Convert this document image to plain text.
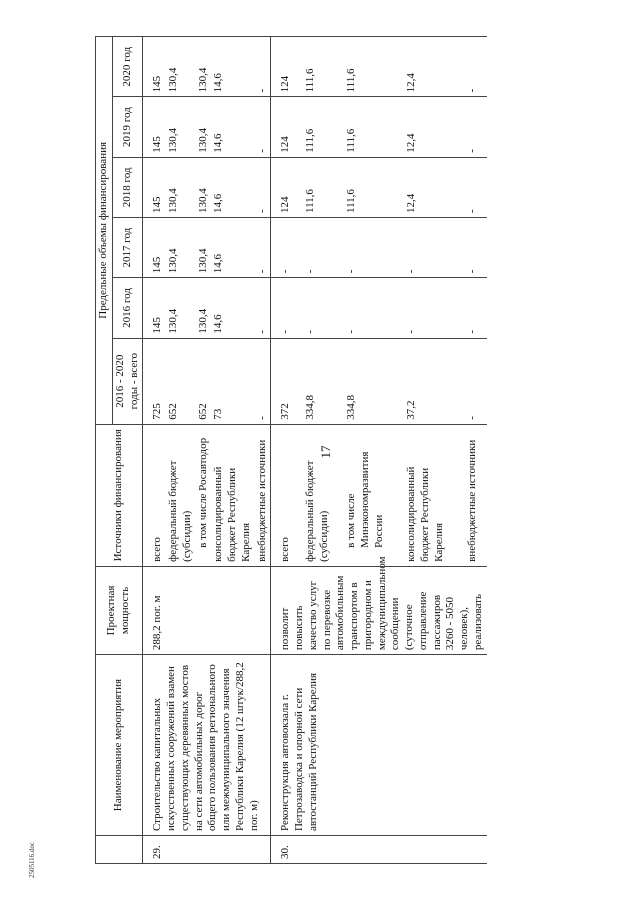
17
2505116.doc
	Наименование мероприятия	Проектная мощность	Источники финансирования	Предельные объемы финансирования					
				2016 - 2020 годы - всего	2016 год	2017 год	2018 год	2019 год	2020 год
29.	Строительство капитальных искусственных сооружений взамен существующих деревянных мостов на сети автомобильных дорог общего пользования регионального или межмуниципального значения Республики Карелия (12 штук/288,2 пог. м)	288,2 пог. м	всего	725	145	145	145	145	145
			федеральный бюджет (субсидии)	652	130,4	130,4	130,4	130,4	130,4
			в том числе Росавтодор	652	130,4	130,4	130,4	130,4	130,4
			консолидированный бюджет Республики Карелия	73	14,6	14,6	14,6	14,6	14,6
			внебюджетные источники	-	-	-	-	-	-
30.	Реконструкция автовокзала г. Петрозаводска и опорной сети автостанций Республики Карелия	позволит повысить качество услуг по перевозке автомобильным транспортом в пригородном и междуниципальном сообщении (суточное отправление пассажиров 3260 - 5050 человек), реализовать	всего	372	-	-	124	124	124
			федеральный бюджет (субсидии)	334,8	-	-	111,6	111,6	111,6
			в том числе Минэкономразвития России	334,8	-	-	111,6	111,6	111,6
			консолидированный бюджет Республики Карелия	37,2	-	-	12,4	12,4	12,4
			внебюджетные источники	-	-	-	-	-	-
